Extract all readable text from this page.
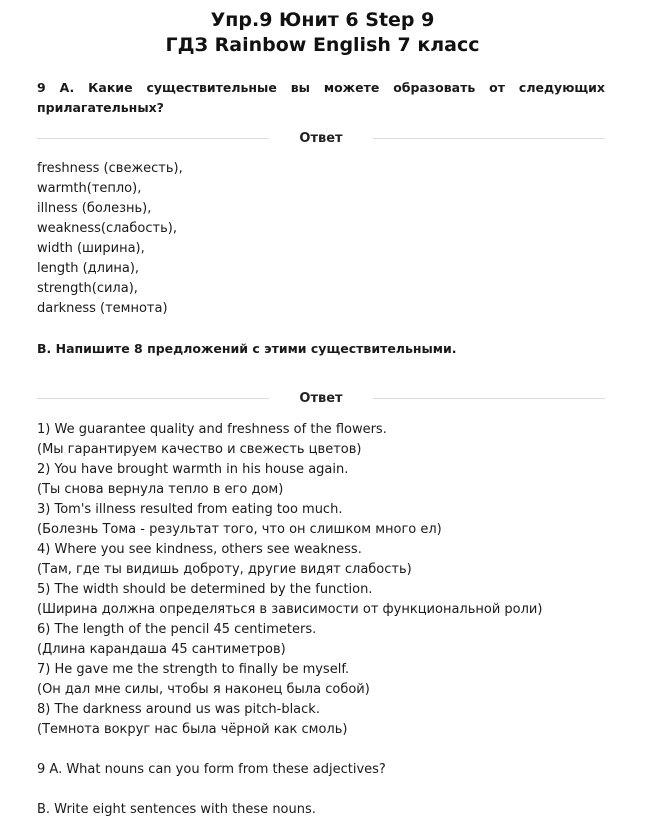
Упр.9 Юнит 6 Step 9
ГДЗ Rainbow English 7 класс
9 A. Какие существительные вы можете образовать от следующих прилагательных?
Ответ
freshness (свежесть),
warmth(тепло),
illness (болезнь),
weakness(слабость),
width (ширина),
length (длина),
strength(сила),
darkness (темнота)
B. Напишите 8 предложений с этими существительными.
Ответ
1) We guarantee quality and freshness of the flowers.
(Мы гарантируем качество и свежесть цветов)
2) You have brought warmth in his house again.
(Ты снова вернула тепло в его дом)
3) Tom's illness resulted from eating too much.
(Болезнь Тома - результат того, что он слишком много ел)
4) Where you see kindness, others see weakness.
(Там, где ты видишь доброту, другие видят слабость)
5) The width should be determined by the function.
(Ширина должна определяться в зависимости от функциональной роли)
6) The length of the pencil 45 centimeters.
(Длина карандаша 45 сантиметров)
7) He gave me the strength to finally be myself.
(Он дал мне силы, чтобы я наконец была собой)
8) The darkness around us was pitch-black.
(Темнота вокруг нас была чёрной как смоль)
9 A. What nouns can you form from these adjectives?
B. Write eight sentences with these nouns.
